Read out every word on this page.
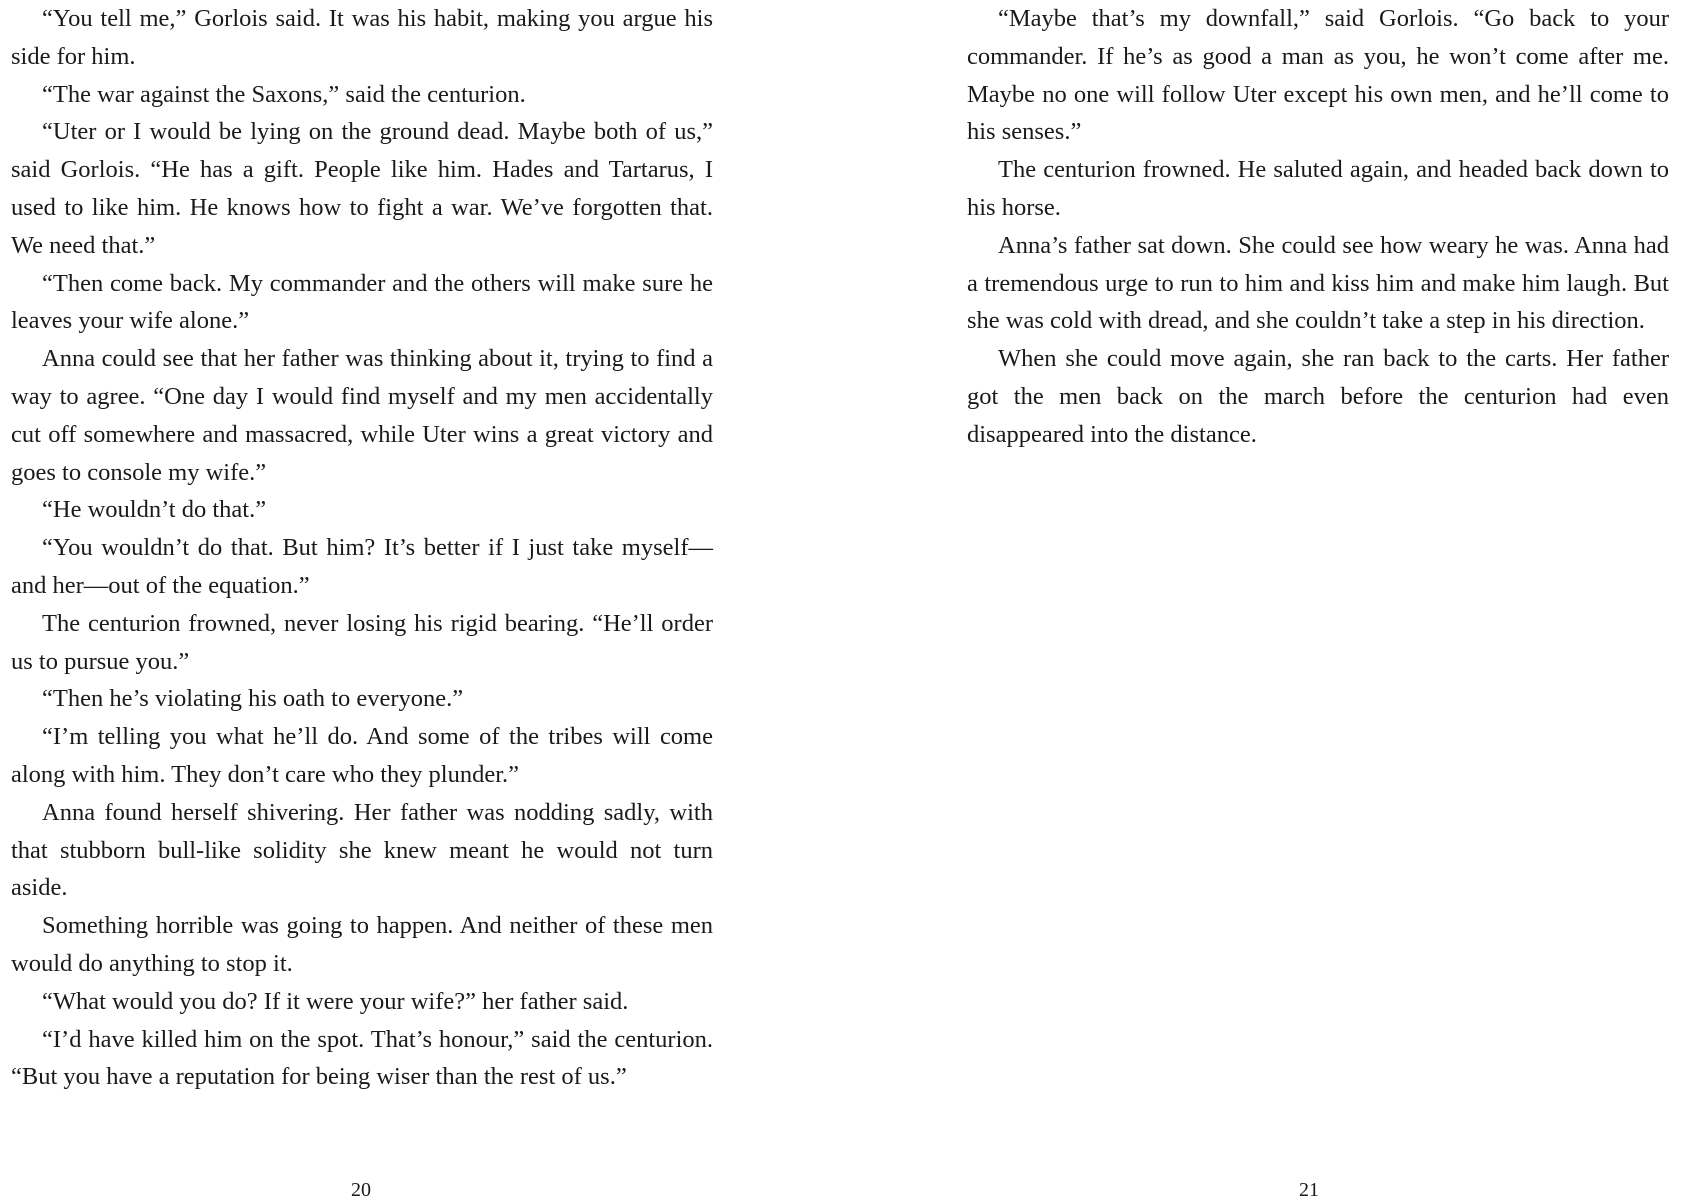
“You tell me,” Gorlois said. It was his habit, making you argue his side for him.

“The war against the Saxons,” said the centurion.

“Uter or I would be lying on the ground dead. Maybe both of us,” said Gorlois. “He has a gift. People like him. Hades and Tartarus, I used to like him. He knows how to fight a war. We’ve forgotten that. We need that.”

“Then come back. My commander and the others will make sure he leaves your wife alone.”

Anna could see that her father was thinking about it, trying to find a way to agree. “One day I would find myself and my men accidentally cut off somewhere and massacred, while Uter wins a great victory and goes to console my wife.”

“He wouldn’t do that.”

“You wouldn’t do that. But him? It’s better if I just take myself—and her—out of the equation.”

The centurion frowned, never losing his rigid bearing. “He’ll order us to pursue you.”

“Then he’s violating his oath to everyone.”

“I’m telling you what he’ll do. And some of the tribes will come along with him. They don’t care who they plunder.”

Anna found herself shivering. Her father was nodding sadly, with that stubborn bull-like solidity she knew meant he would not turn aside.

Something horrible was going to happen. And neither of these men would do anything to stop it.

“What would you do? If it were your wife?” her father said.

“I’d have killed him on the spot. That’s honour,” said the centurion. “But you have a reputation for being wiser than the rest of us.”

20

“Maybe that’s my downfall,” said Gorlois. “Go back to your commander. If he’s as good a man as you, he won’t come after me. Maybe no one will follow Uter except his own men, and he’ll come to his senses.”

The centurion frowned. He saluted again, and headed back down to his horse.

Anna’s father sat down. She could see how weary he was. Anna had a tremendous urge to run to him and kiss him and make him laugh. But she was cold with dread, and she couldn’t take a step in his direction.

When she could move again, she ran back to the carts. Her father got the men back on the march before the centurion had even disappeared into the distance.

21
